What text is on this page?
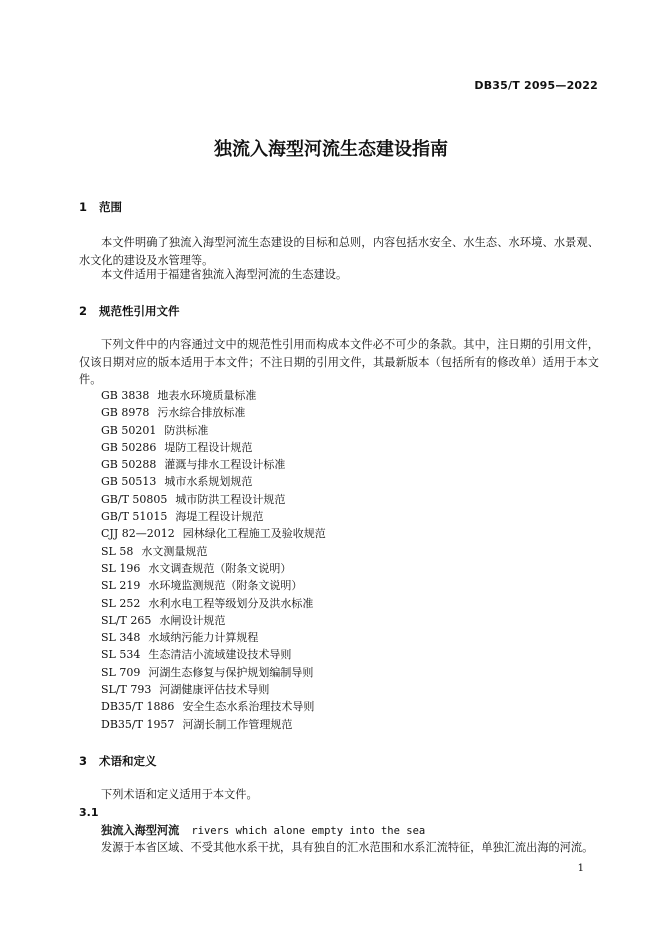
DB35/T 2095—2022
独流入海型河流生态建设指南
1 范围
本文件明确了独流入海型河流生态建设的目标和总则，内容包括水安全、水生态、水环境、水景观、水文化的建设及水管理等。
本文件适用于福建省独流入海型河流的生态建设。
2 规范性引用文件
下列文件中的内容通过文中的规范性引用而构成本文件必不可少的条款。其中，注日期的引用文件，仅该日期对应的版本适用于本文件；不注日期的引用文件，其最新版本（包括所有的修改单）适用于本文件。
GB 3838 地表水环境质量标准
GB 8978 污水综合排放标准
GB 50201 防洪标准
GB 50286 堤防工程设计规范
GB 50288 灌溉与排水工程设计标准
GB 50513 城市水系规划规范
GB/T 50805 城市防洪工程设计规范
GB/T 51015 海堤工程设计规范
CJJ 82—2012 园林绿化工程施工及验收规范
SL 58 水文测量规范
SL 196 水文调查规范（附条文说明）
SL 219 水环境监测规范（附条文说明）
SL 252 水利水电工程等级划分及洪水标准
SL/T 265 水闸设计规范
SL 348 水域纳污能力计算规程
SL 534 生态清洁小流域建设技术导则
SL 709 河湖生态修复与保护规划编制导则
SL/T 793 河湖健康评估技术导则
DB35/T 1886 安全生态水系治理技术导则
DB35/T 1957 河湖长制工作管理规范
3 术语和定义
下列术语和定义适用于本文件。
3.1
独流入海型河流 rivers which alone empty into the sea
发源于本省区域、不受其他水系干扰，具有独自的汇水范围和水系汇流特征，单独汇流出海的河流。
1
